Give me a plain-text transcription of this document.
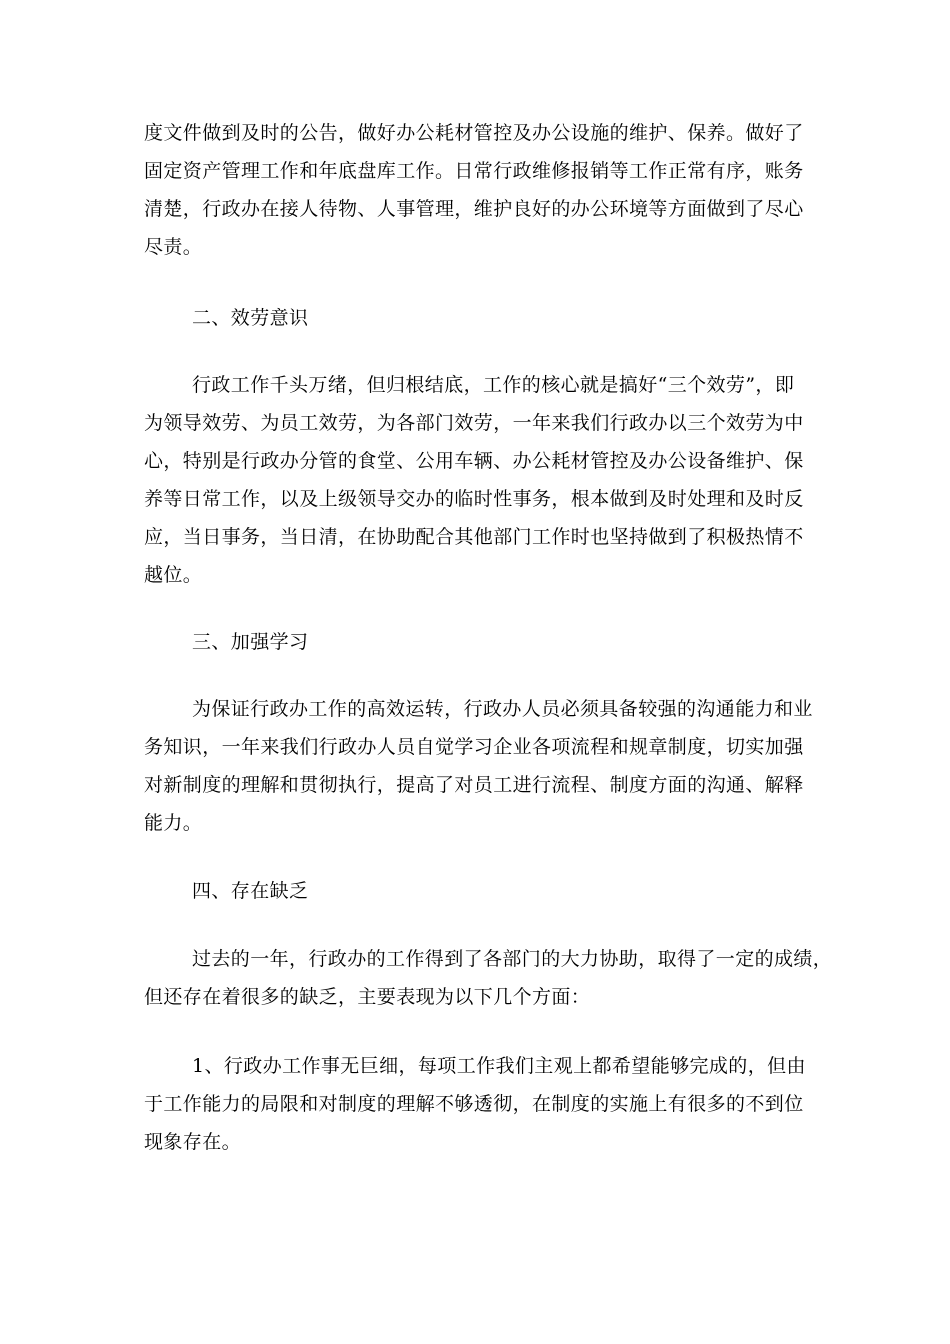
度文件做到及时的公告，做好办公耗材管控及办公设施的维护、保养。做好了
固定资产管理工作和年底盘库工作。日常行政维修报销等工作正常有序，账务
清楚，行政办在接人待物、人事管理，维护良好的办公环境等方面做到了尽心
尽责。
二、效劳意识
行政工作千头万绪，但归根结底，工作的核心就是搞好“三个效劳”，即
为领导效劳、为员工效劳，为各部门效劳，一年来我们行政办以三个效劳为中
心，特别是行政办分管的食堂、公用车辆、办公耗材管控及办公设备维护、保
养等日常工作，以及上级领导交办的临时性事务，根本做到及时处理和及时反
应，当日事务，当日清，在协助配合其他部门工作时也坚持做到了积极热情不
越位。
三、加强学习
为保证行政办工作的高效运转，行政办人员必须具备较强的沟通能力和业
务知识，一年来我们行政办人员自觉学习企业各项流程和规章制度，切实加强
对新制度的理解和贯彻执行，提高了对员工进行流程、制度方面的沟通、解释
能力。
四、存在缺乏
过去的一年，行政办的工作得到了各部门的大力协助，取得了一定的成绩，
但还存在着很多的缺乏，主要表现为以下几个方面：
1、行政办工作事无巨细，每项工作我们主观上都希望能够完成的，但由
于工作能力的局限和对制度的理解不够透彻，在制度的实施上有很多的不到位
现象存在。
